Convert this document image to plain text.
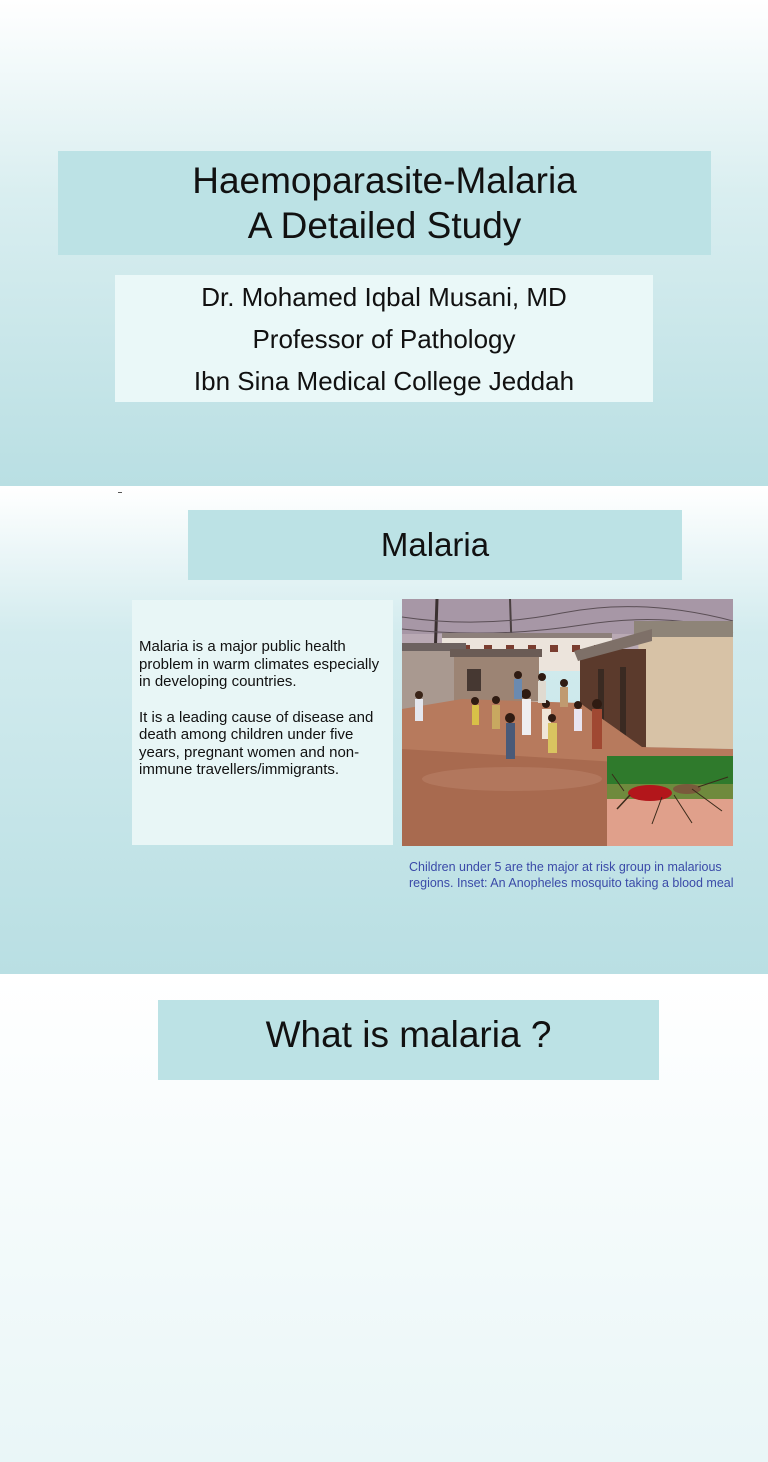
Haemoparasite-Malaria
A Detailed Study
Dr. Mohamed Iqbal Musani, MD
Professor of Pathology
Ibn Sina Medical College Jeddah
Malaria

Malaria is a major public health problem in warm climates especially in developing countries.

It is a leading cause of disease and death among children under five years, pregnant women and non-immune travellers/immigrants.

Children under 5 are the major at risk group in malarious
regions. Inset: An Anopheles mosquito taking a blood meal
What is malaria ?
